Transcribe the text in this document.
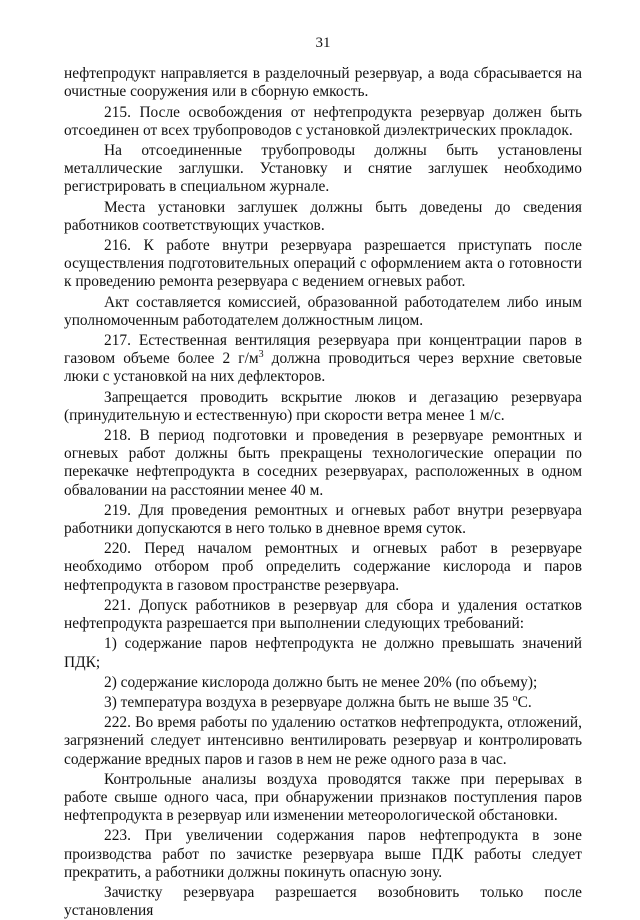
31

нефтепродукт направляется в разделочный резервуар, а вода сбрасывается на очистные сооружения или в сборную емкость.

215. После освобождения от нефтепродукта резервуар должен быть отсоединен от всех трубопроводов с установкой диэлектрических прокладок.

На отсоединенные трубопроводы должны быть установлены металлические заглушки. Установку и снятие заглушек необходимо регистрировать в специальном журнале.

Места установки заглушек должны быть доведены до сведения работников соответствующих участков.

216. К работе внутри резервуара разрешается приступать после осуществления подготовительных операций с оформлением акта о готовности к проведению ремонта резервуара с ведением огневых работ.

Акт составляется комиссией, образованной работодателем либо иным уполномоченным работодателем должностным лицом.

217. Естественная вентиляция резервуара при концентрации паров в газовом объеме более 2 $г/м^3$ должна проводиться через верхние световые люки с установкой на них дефлекторов.

Запрещается проводить вскрытие люков и дегазацию резервуара (принудительную и естественную) при скорости ветра менее 1 м/с.

218. В период подготовки и проведения в резервуаре ремонтных и огневых работ должны быть прекращены технологические операции по перекачке нефтепродукта в соседних резервуарах, расположенных в одном обваловании на расстоянии менее 40 м.

219. Для проведения ремонтных и огневых работ внутри резервуара работники допускаются в него только в дневное время суток.

220. Перед началом ремонтных и огневых работ в резервуаре необходимо отбором проб определить содержание кислорода и паров нефтепродукта в газовом пространстве резервуара.

221. Допуск работников в резервуар для сбора и удаления остатков нефтепродукта разрешается при выполнении следующих требований:

1) содержание паров нефтепродукта не должно превышать значений ПДК;

2) содержание кислорода должно быть не менее 20% (по объему);

3) температура воздуха в резервуаре должна быть не выше 35 $^о$С.

222. Во время работы по удалению остатков нефтепродукта, отложений, загрязнений следует интенсивно вентилировать резервуар и контролировать содержание вредных паров и газов в нем не реже одного раза в час.

Контрольные анализы воздуха проводятся также при перерывах в работе свыше одного часа, при обнаружении признаков поступления паров нефтепродукта в резервуар или изменении метеорологической обстановки.

223. При увеличении содержания паров нефтепродукта в зоне производства работ по зачистке резервуара выше ПДК работы следует прекратить, а работники должны покинуть опасную зону.

Зачистку резервуара разрешается возобновить только после установления
